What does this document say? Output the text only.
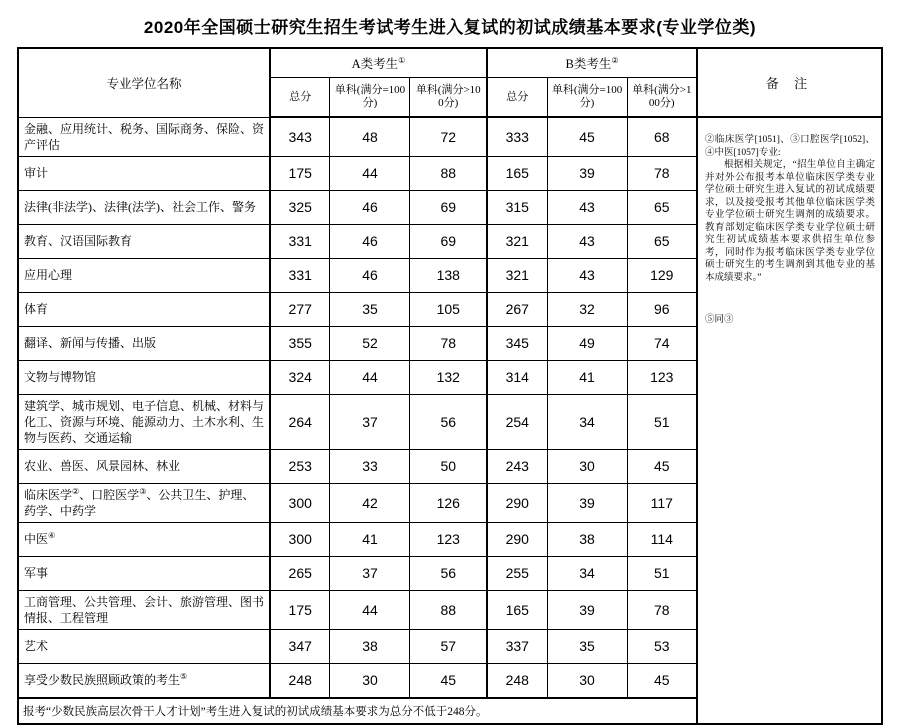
2020年全国硕士研究生招生考试考生进入复试的初试成绩基本要求(专业学位类)
专业学位名称	A类考生①			B类考生②			备 注
	总分	单科(满分=100分)	单科(满分>100分)	总分	单科(满分=100分)	单科(满分>100分)	
金融、应用统计、税务、国际商务、保险、资产评估	343	48	72	333	45	68	②临床医学[1051]、③口腔医学[1052]、④中医[1057]专业:
根据相关规定，“招生单位自主确定并对外公布报考本单位临床医学类专业学位硕士研究生进入复试的初试成绩要求，以及接受报考其他单位临床医学类专业学位硕士研究生调剂的成绩要求。教育部划定临床医学类专业学位硕士研究生初试成绩基本要求供招生单位参考，同时作为报考临床医学类专业学位硕士研究生的考生调剂到其他专业的基本成绩要求。”
⑤同③

审计	175	44	88	165	39	78	
法律(非法学)、法律(法学)、社会工作、警务	325	46	69	315	43	65	
教育、汉语国际教育	331	46	69	321	43	65	
应用心理	331	46	138	321	43	129	
体育	277	35	105	267	32	96	
翻译、新闻与传播、出版	355	52	78	345	49	74	
文物与博物馆	324	44	132	314	41	123	
建筑学、城市规划、电子信息、机械、材料与化工、资源与环境、能源动力、土木水利、生物与医药、交通运输	264	37	56	254	34	51	
农业、兽医、风景园林、林业	253	33	50	243	30	45	
临床医学②、口腔医学③、公共卫生、护理、药学、中药学	300	42	126	290	39	117	
中医④	300	41	123	290	38	114	
军事	265	37	56	255	34	51	
工商管理、公共管理、会计、旅游管理、图书情报、工程管理	175	44	88	165	39	78	
艺术	347	38	57	337	35	53	
享受少数民族照顾政策的考生⑤	248	30	45	248	30	45	
报考“少数民族高层次骨干人才计划”考生进入复试的初试成绩基本要求为总分不低于248分。							
